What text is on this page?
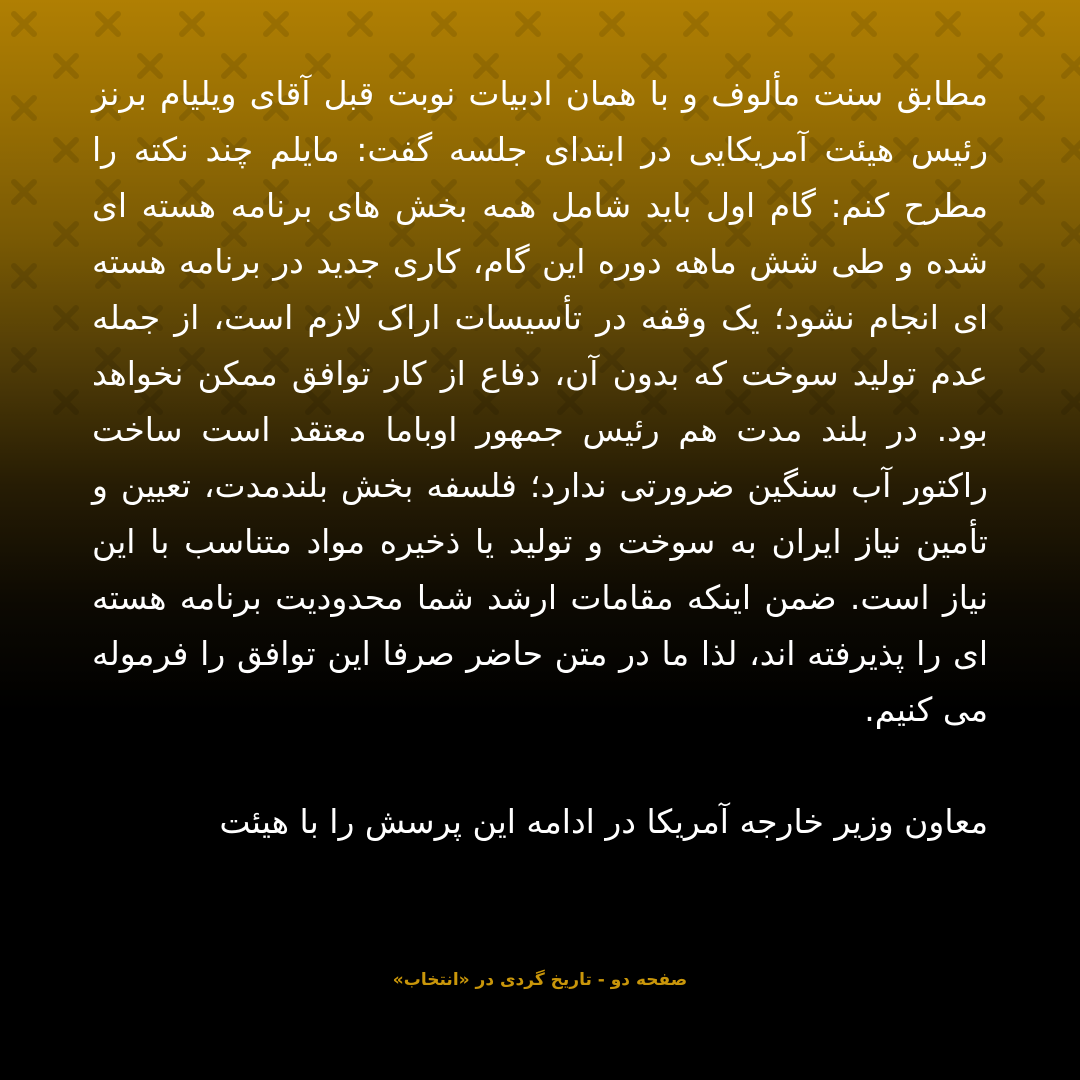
مطابق سنت مألوف و با همان ادبیات نوبت قبل آقای ویلیام برنز رئیس هیئت آمریکایی در ابتدای جلسه گفت: مایلم چند نکته را مطرح کنم: گام اول باید شامل همه بخش های برنامه هسته ای شده و طی شش ماهه دوره این گام، کاری جدید در برنامه هسته ای انجام نشود؛ یک وقفه در تأسیسات اراک لازم است، از جمله عدم تولید سوخت که بدون آن، دفاع از کار توافق ممکن نخواهد بود. در بلند مدت هم رئیس جمهور اوباما معتقد است ساخت راکتور آب سنگین ضرورتی ندارد؛ فلسفه بخش بلندمدت، تعیین و تأمین نیاز ایران به سوخت و تولید یا ذخیره مواد متناسب با این نیاز است. ضمن اینکه مقامات ارشد شما محدودیت برنامه هسته ای را پذیرفته اند، لذا ما در متن حاضر صرفا این توافق را فرموله می کنیم.

معاون وزیر خارجه آمریکا در ادامه این پرسش را با هیئت

صفحه دو - تاریخ گردی در «انتخاب»
